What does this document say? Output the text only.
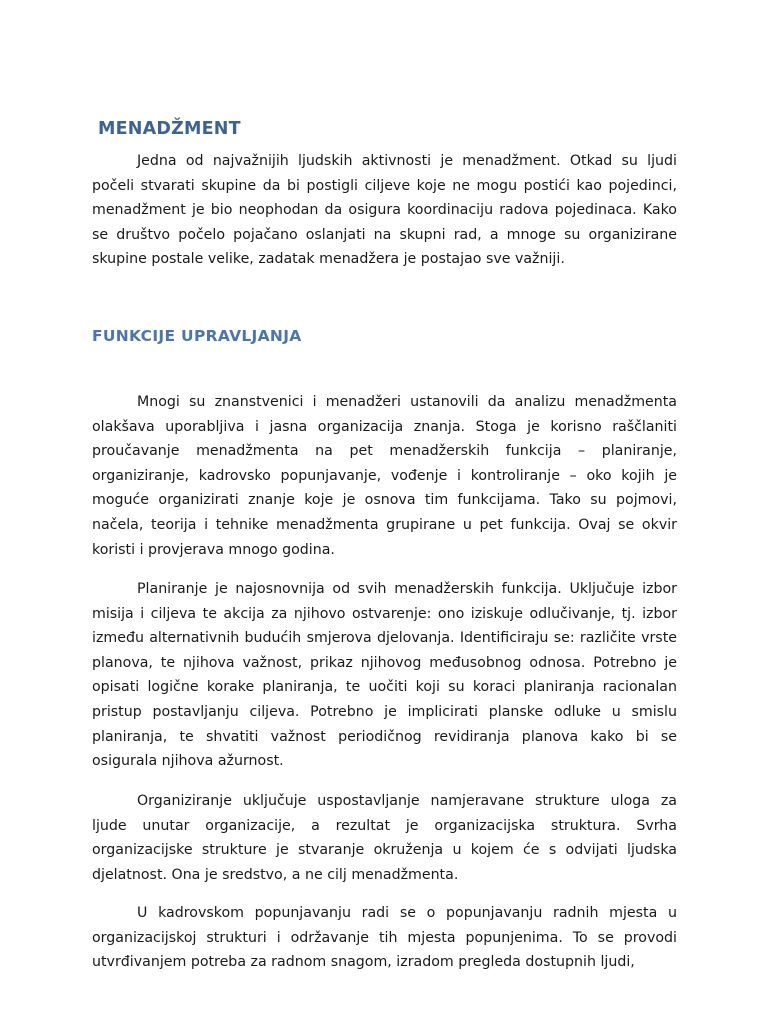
MENADŽMENT

Jedna od najvažnijih ljudskih aktivnosti je menadžment. Otkad su ljudi počeli stvarati skupine da bi postigli ciljeve koje ne mogu postići kao pojedinci, menadžment je bio neophodan da osigura koordinaciju radova pojedinaca. Kako se društvo počelo pojačano oslanjati na skupni rad, a mnoge su organizirane skupine postale velike, zadatak menadžera je postajao sve važniji.

FUNKCIJE UPRAVLJANJA

Mnogi su znanstvenici i menadžeri ustanovili da analizu menadžmenta olakšava uporabljiva i jasna organizacija znanja. Stoga je korisno raščlaniti proučavanje menadžmenta na pet menadžerskih funkcija – planiranje, organiziranje, kadrovsko popunjavanje, vođenje i kontroliranje – oko kojih je moguće organizirati znanje koje je osnova tim funkcijama. Tako su pojmovi, načela, teorija i tehnike menadžmenta grupirane u pet funkcija. Ovaj se okvir koristi i provjerava mnogo godina.

Planiranje je najosnovnija od svih menadžerskih funkcija. Uključuje izbor misija i ciljeva te akcija za njihovo ostvarenje: ono iziskuje odlučivanje, tj. izbor između alternativnih budućih smjerova djelovanja. Identificiraju se: različite vrste planova, te njihova važnost, prikaz njihovog međusobnog odnosa. Potrebno je opisati logične korake planiranja, te uočiti koji su koraci planiranja racionalan pristup postavljanju ciljeva. Potrebno je implicirati planske odluke u smislu planiranja, te shvatiti važnost periodičnog revidiranja planova kako bi se osigurala njihova ažurnost.

Organiziranje uključuje uspostavljanje namjeravane strukture uloga za ljude unutar organizacije, a rezultat je organizacijska struktura. Svrha organizacijske strukture je stvaranje okruženja u kojem će s odvijati ljudska djelatnost. Ona je sredstvo, a ne cilj menadžmenta.

U kadrovskom popunjavanju radi se o popunjavanju radnih mjesta u organizacijskoj strukturi i održavanje tih mjesta popunjenima. To se provodi utvrđivanjem potreba za radnom snagom, izradom pregleda dostupnih ljudi,
